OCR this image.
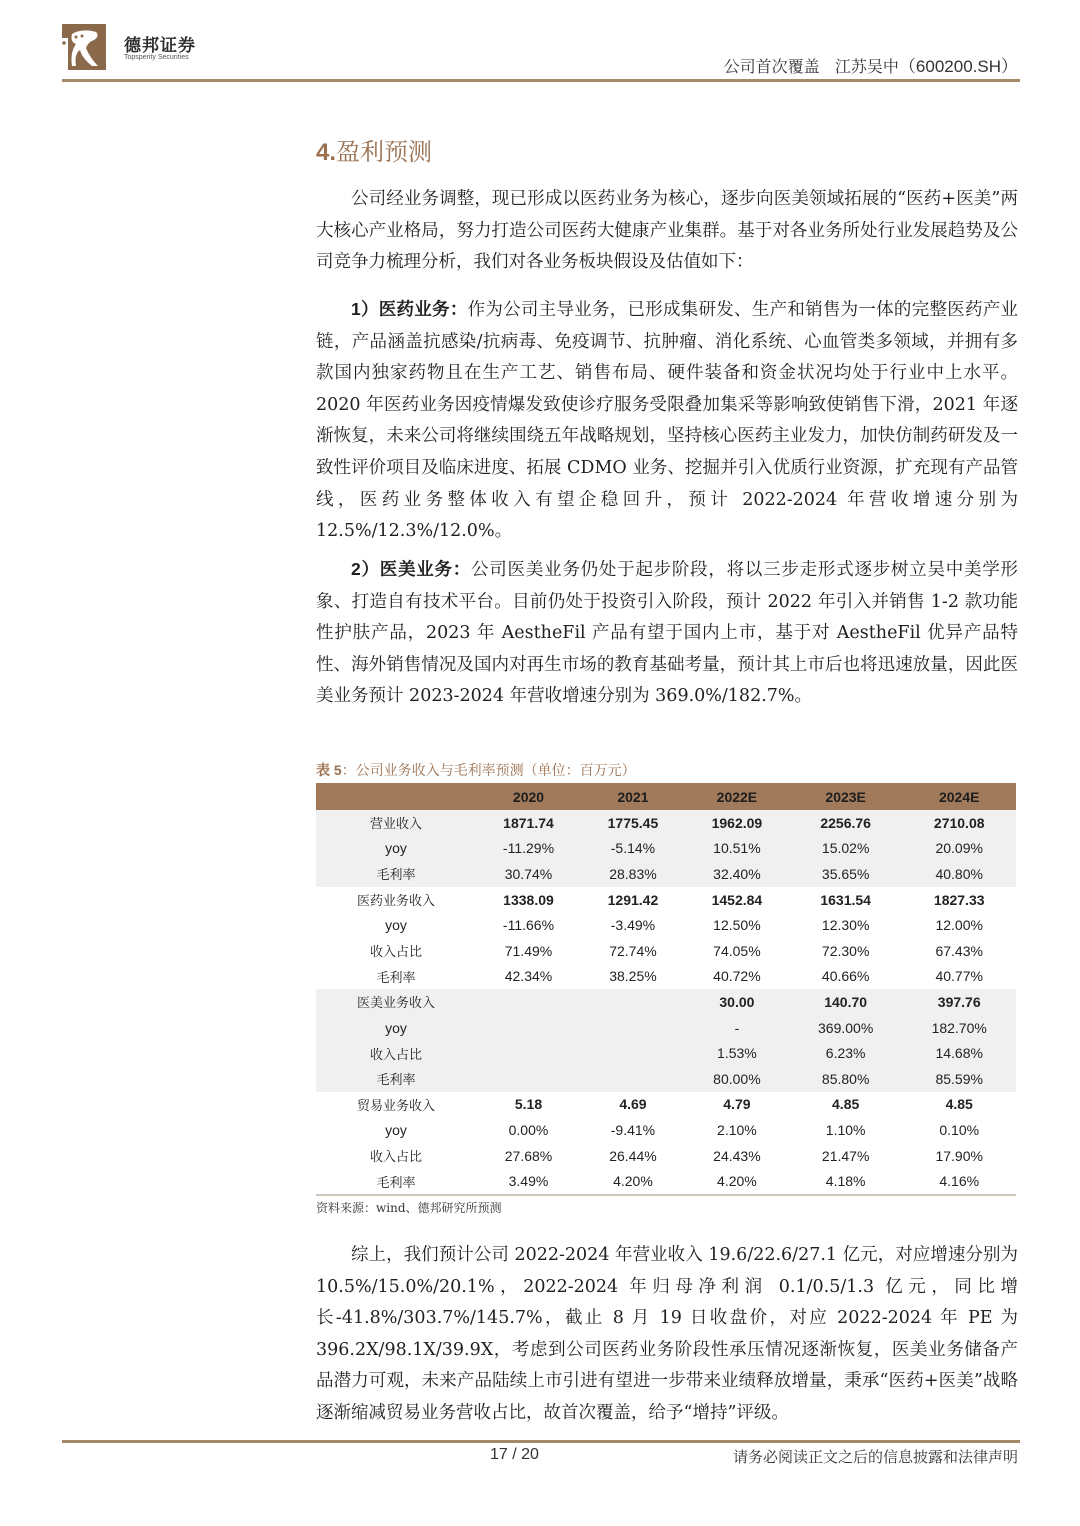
德邦证券
Topsperity Securities	公司首次覆盖 江苏吴中（600200.SH）
4.盈利预测
公司经业务调整，现已形成以医药业务为核心，逐步向医美领域拓展的“医药+医美”两大核心产业格局，努力打造公司医药大健康产业集群。基于对各业务所处行业发展趋势及公司竞争力梳理分析，我们对各业务板块假设及估值如下：
1）医药业务：作为公司主导业务，已形成集研发、生产和销售为一体的完整医药产业链，产品涵盖抗感染/抗病毒、免疫调节、抗肿瘤、消化系统、心血管类多领域，并拥有多款国内独家药物且在生产工艺、销售布局、硬件装备和资金状况均处于行业中上水平。2020 年医药业务因疫情爆发致使诊疗服务受限叠加集采等影响致使销售下滑，2021 年逐渐恢复，未来公司将继续围绕五年战略规划，坚持核心医药主业发力，加快仿制药研发及一致性评价项目及临床进度、拓展 CDMO 业务、挖掘并引入优质行业资源，扩充现有产品管线，医药业务整体收入有望企稳回升，预计 2022-2024 年营收增速分别为 12.5%/12.3%/12.0%。
2）医美业务：公司医美业务仍处于起步阶段，将以三步走形式逐步树立吴中美学形象、打造自有技术平台。目前仍处于投资引入阶段，预计 2022 年引入并销售 1-2 款功能性护肤产品，2023 年 AestheFil 产品有望于国内上市，基于对 AestheFil 优异产品特性、海外销售情况及国内对再生市场的教育基础考量，预计其上市后也将迅速放量，因此医美业务预计 2023-2024 年营收增速分别为 369.0%/182.7%。
表 5：公司业务收入与毛利率预测（单位：百万元）
	2020	2021	2022E	2023E	2024E
营业收入	1871.74	1775.45	1962.09	2256.76	2710.08
yoy	-11.29%	-5.14%	10.51%	15.02%	20.09%
毛利率	30.74%	28.83%	32.40%	35.65%	40.80%
医药业务收入	1338.09	1291.42	1452.84	1631.54	1827.33
yoy	-11.66%	-3.49%	12.50%	12.30%	12.00%
收入占比	71.49%	72.74%	74.05%	72.30%	67.43%
毛利率	42.34%	38.25%	40.72%	40.66%	40.77%
医美业务收入			30.00	140.70	397.76
yoy			-	369.00%	182.70%
收入占比			1.53%	6.23%	14.68%
毛利率			80.00%	85.80%	85.59%
贸易业务收入	5.18	4.69	4.79	4.85	4.85
yoy	0.00%	-9.41%	2.10%	1.10%	0.10%
收入占比	27.68%	26.44%	24.43%	21.47%	17.90%
毛利率	3.49%	4.20%	4.20%	4.18%	4.16%
资料来源：wind、德邦研究所预测
综上，我们预计公司 2022-2024 年营业收入 19.6/22.6/27.1 亿元，对应增速分别为 10.5%/15.0%/20.1%，2022-2024 年归母净利润 0.1/0.5/1.3 亿元，同比增长-41.8%/303.7%/145.7%，截止 8 月 19 日收盘价，对应 2022-2024 年 PE 为 396.2X/98.1X/39.9X，考虑到公司医药业务阶段性承压情况逐渐恢复，医美业务储备产品潜力可观，未来产品陆续上市引进有望进一步带来业绩释放增量，秉承“医药+医美”战略逐渐缩减贸易业务营收占比，故首次覆盖，给予“增持”评级。
17 / 20	请务必阅读正文之后的信息披露和法律声明
